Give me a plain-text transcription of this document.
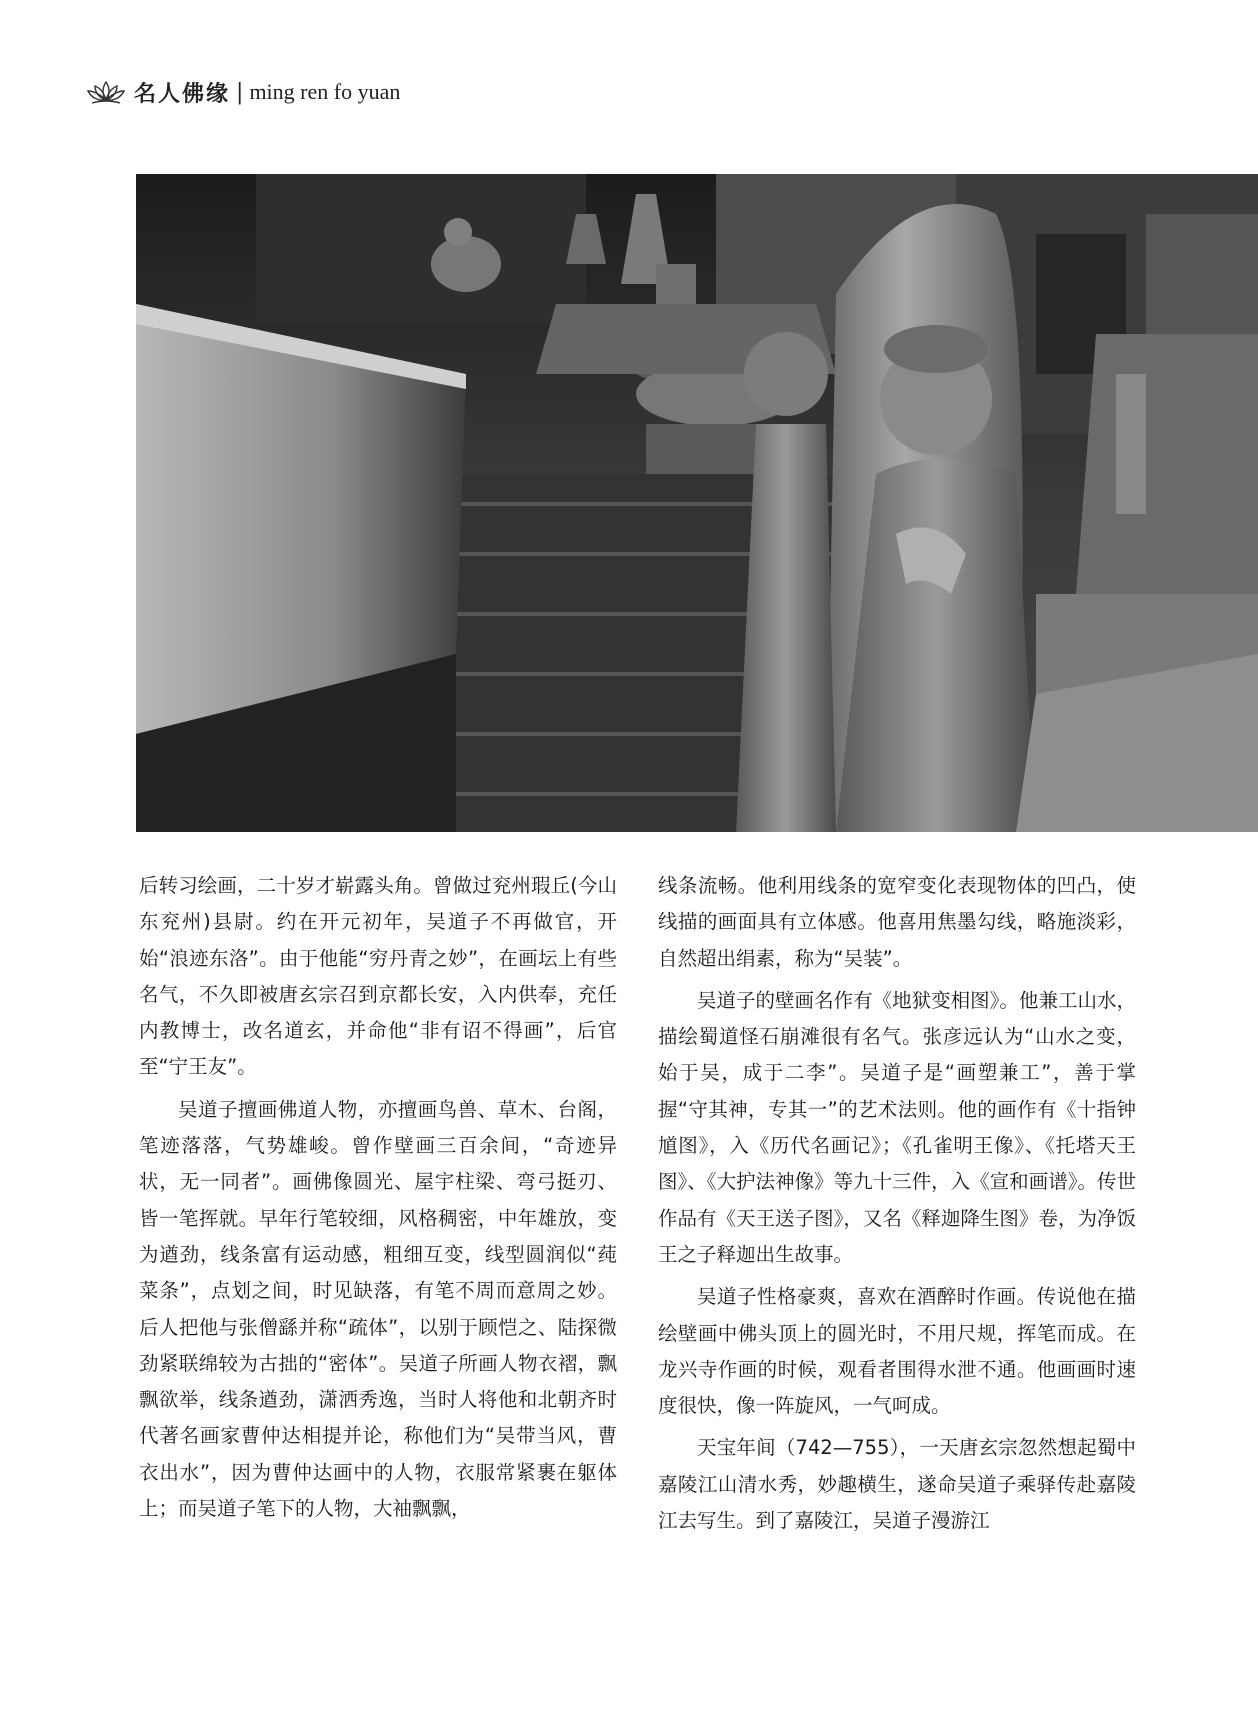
名人佛缘 | ming ren fo yuan

后转习绘画，二十岁才崭露头角。曾做过兖州瑕丘(今山东兖州)县尉。约在开元初年，吴道子不再做官，开始“浪迹东洛”。由于他能“穷丹青之妙”，在画坛上有些名气，不久即被唐玄宗召到京都长安，入内供奉，充任内教博士，改名道玄，并命他“非有诏不得画”，后官至“宁王友”。

吴道子擅画佛道人物，亦擅画鸟兽、草木、台阁，笔迹落落，气势雄峻。曾作壁画三百余间，“奇迹异状，无一同者”。画佛像圆光、屋宇柱梁、弯弓挺刃、皆一笔挥就。早年行笔较细，风格稠密，中年雄放，变为遒劲，线条富有运动感，粗细互变，线型圆润似“莼菜条”，点划之间，时见缺落，有笔不周而意周之妙。后人把他与张僧繇并称“疏体”，以别于顾恺之、陆探微劲紧联绵较为古拙的“密体”。吴道子所画人物衣褶，飘飘欲举，线条遒劲，潇洒秀逸，当时人将他和北朝齐时代著名画家曹仲达相提并论，称他们为“吴带当风，曹衣出水”，因为曹仲达画中的人物，衣服常紧裹在躯体上；而吴道子笔下的人物，大袖飘飘，

线条流畅。他利用线条的宽窄变化表现物体的凹凸，使线描的画面具有立体感。他喜用焦墨勾线，略施淡彩，自然超出绢素，称为“吴装”。

吴道子的壁画名作有《地狱变相图》。他兼工山水，描绘蜀道怪石崩滩很有名气。张彦远认为“山水之变，始于吴，成于二李”。吴道子是“画塑兼工”，善于掌握“守其神，专其一”的艺术法则。他的画作有《十指钟馗图》，入《历代名画记》；《孔雀明王像》、《托塔天王图》、《大护法神像》等九十三件，入《宣和画谱》。传世作品有《天王送子图》，又名《释迦降生图》卷，为净饭王之子释迦出生故事。

吴道子性格豪爽，喜欢在酒醉时作画。传说他在描绘壁画中佛头顶上的圆光时，不用尺规，挥笔而成。在龙兴寺作画的时候，观看者围得水泄不通。他画画时速度很快，像一阵旋风，一气呵成。

天宝年间（742—755），一天唐玄宗忽然想起蜀中嘉陵江山清水秀，妙趣横生，遂命吴道子乘驿传赴嘉陵江去写生。到了嘉陵江，吴道子漫游江
